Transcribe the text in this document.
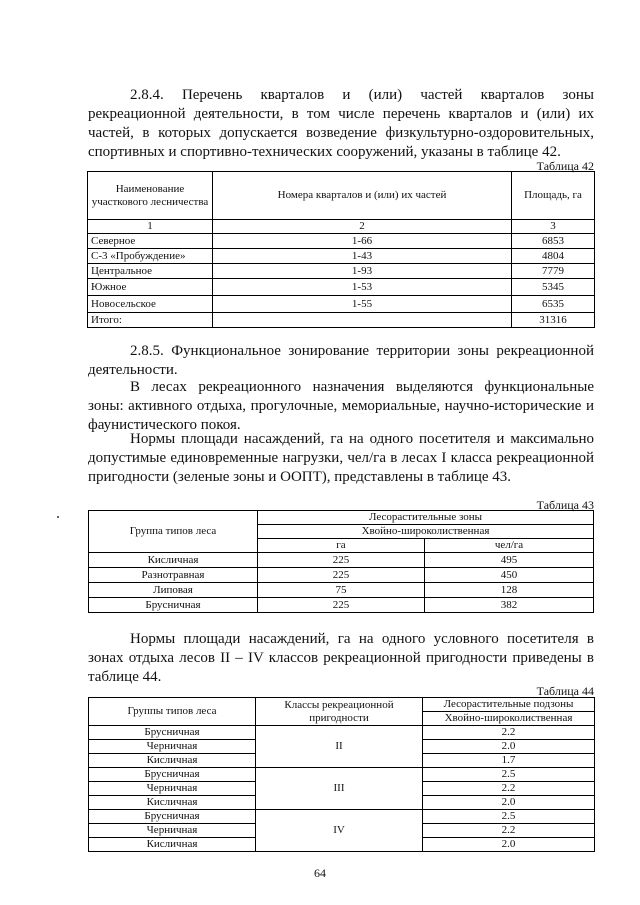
2.8.4. Перечень кварталов и (или) частей кварталов зоны рекреационной деятельности, в том числе перечень кварталов и (или) их частей, в которых допускается возведение физкультурно-оздоровительных, спортивных и спортивно-технических сооружений, указаны в таблице 42.

Таблица 42

Наименование участкового лесничества	Номера кварталов и (или) их частей	Площадь, га
1	2	3
Северное	1-66	6853
С-3 «Пробуждение»	1-43	4804
Центральное	1-93	7779
Южное	1-53	5345
Новосельское	1-55	6535
Итого:		31316

2.8.5. Функциональное зонирование территории зоны рекреационной деятельности.

В лесах рекреационного назначения выделяются функциональные зоны: активного отдыха, прогулочные, мемориальные, научно-исторические и фаунистического покоя.

Нормы площади насаждений, га на одного посетителя и максимально допустимые единовременные нагрузки, чел/га в лесах I класса рекреационной пригодности (зеленые зоны и ООПТ), представлены в таблице 43.

Таблица 43

Группа типов леса	Лесорастительные зоны	
	Хвойно-широколиственная	
	га	чел/га
Кисличная	225	495
Разнотравная	225	450
Липовая	75	128
Брусничная	225	382

Нормы площади насаждений, га на одного условного посетителя в зонах отдыха лесов II – IV классов рекреационной пригодности приведены в таблице 44.

Таблица 44

Группы типов леса	Классы рекреационной пригодности	Лесорастительные подзоны
		Хвойно-широколиственная
Брусничная	II	2.2
Черничная		2.0
Кисличная		1.7
Брусничная	III	2.5
Черничная		2.2
Кисличная		2.0
Брусничная	IV	2.5
Черничная		2.2
Кисличная		2.0
64
